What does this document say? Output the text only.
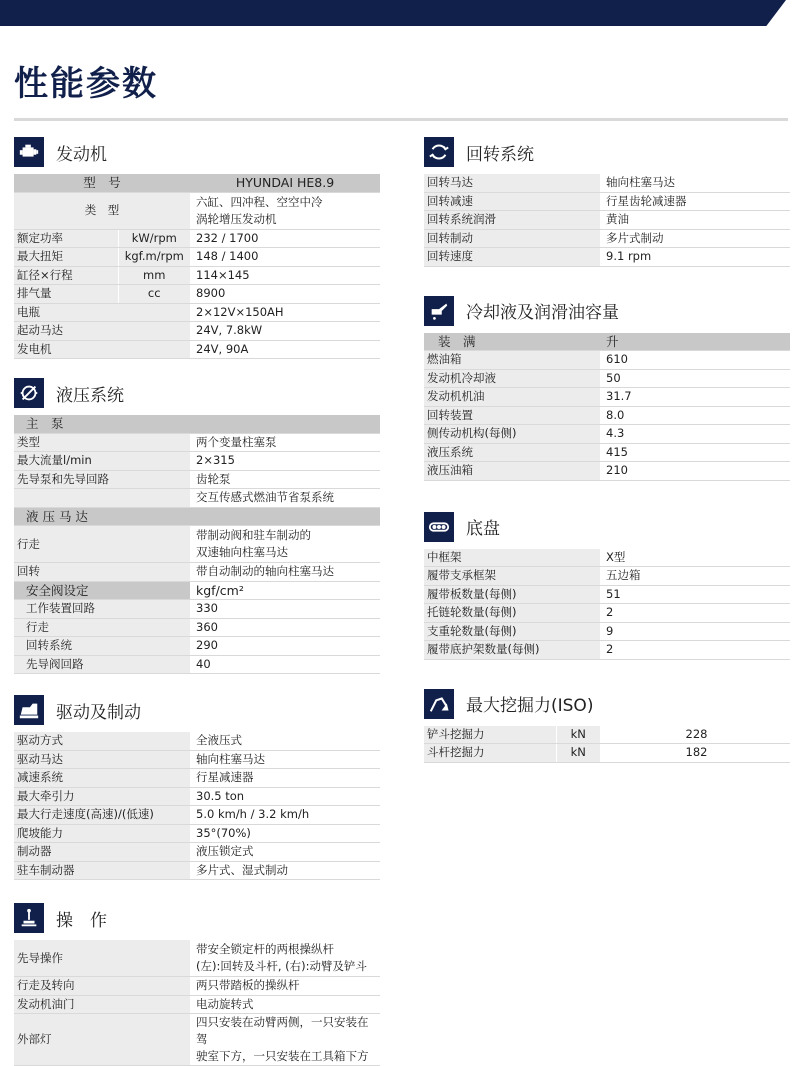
性能参数
发动机
型　号		HYUNDAI HE8.9
类　型		六缸、四冲程、空空中冷
涡轮增压发动机

额定功率	kW/rpm	232 / 1700
最大扭矩	kgf.m/rpm	148 / 1400
缸径×行程	mm	114×145
排气量	cc	8900
电瓶		2×12V×150AH
起动马达		24V, 7.8kW
发电机		24V, 90A
液压系统
主　泵	
类型	两个变量柱塞泵
最大流量l/min	2×315
先导泵和先导回路	齿轮泵
	交互传感式燃油节省泵系统
液 压 马 达	
行走	带制动阀和驻车制动的
双速轴向柱塞马达

回转	带自动制动的轴向柱塞马达
安全阀设定	kgf/cm²
工作装置回路	330
行走	360
回转系统	290
先导阀回路	40
驱动及制动
驱动方式	全液压式
驱动马达	轴向柱塞马达
减速系统	行星减速器
最大牵引力	30.5 ton
最大行走速度(高速)/(低速)	5.0 km/h / 3.2 km/h
爬坡能力	35°(70%)
制动器	液压锁定式
驻车制动器	多片式、湿式制动
操　作
先导操作	带安全锁定杆的两根操纵杆
(左):回转及斗杆, (右):动臂及铲斗

行走及转向	两只带踏板的操纵杆
发动机油门	电动旋转式
外部灯	四只安装在动臂两侧，一只安装在驾
驶室下方，一只安装在工具箱下方
回转系统
回转马达	轴向柱塞马达
回转减速	行星齿轮减速器
回转系统润滑	黄油
回转制动	多片式制动
回转速度	9.1 rpm
冷却液及润滑油容量
装　满	升
燃油箱	610
发动机冷却液	50
发动机机油	31.7
回转装置	8.0
侧传动机构(每侧)	4.3
液压系统	415
液压油箱	210
底盘
中框架	X型
履带支承框架	五边箱
履带板数量(每侧)	51
托链轮数量(每侧)	2
支重轮数量(每侧)	9
履带底护架数量(每侧)	2
最大挖掘力(ISO)
铲斗挖掘力	kN	228
斗杆挖掘力	kN	182
